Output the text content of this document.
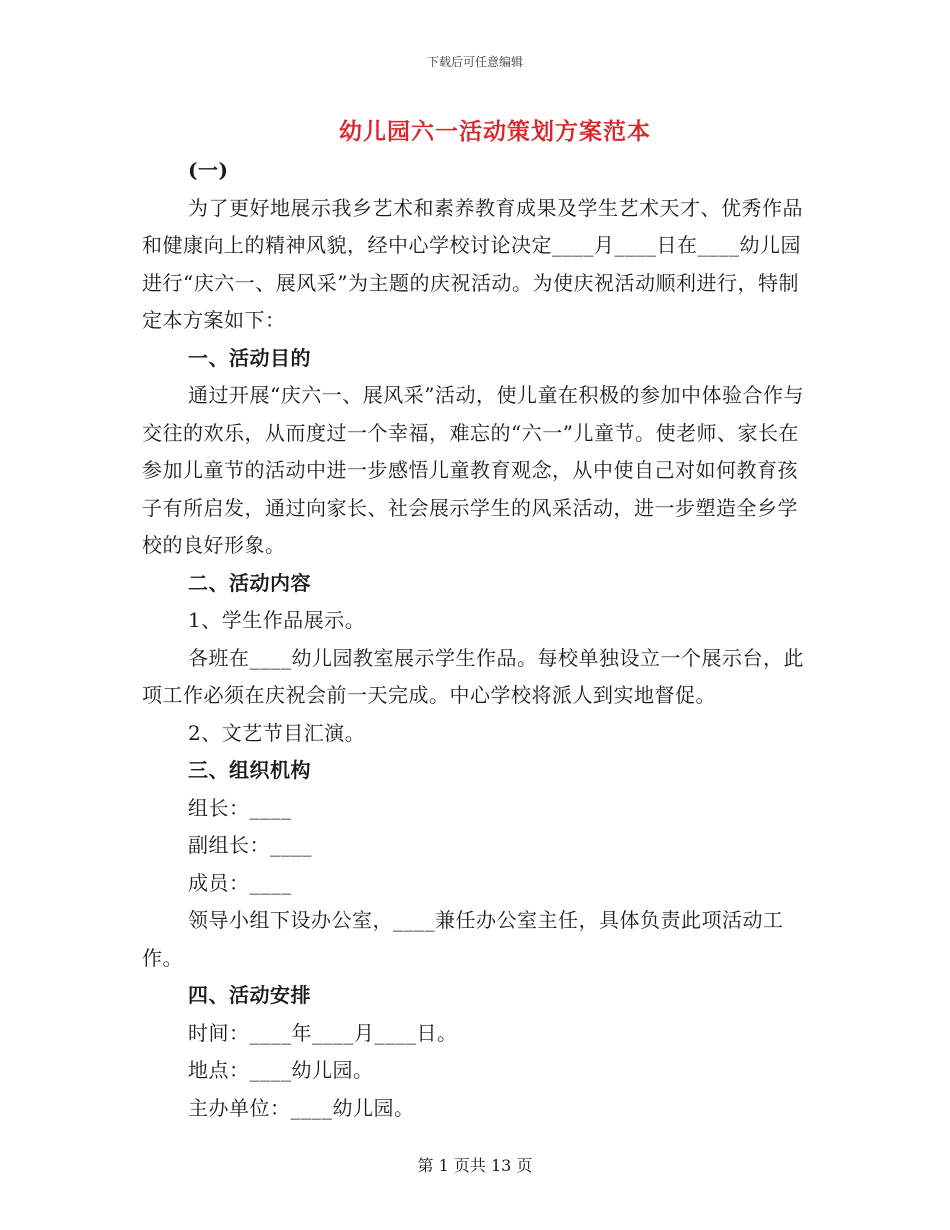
下载后可任意编辑
幼儿园六一活动策划方案范本

(一)

为了更好地展示我乡艺术和素养教育成果及学生艺术天才、优秀作品和健康向上的精神风貌，经中心学校讨论决定____月____日在____幼儿园进行“庆六一、展风采”为主题的庆祝活动。为使庆祝活动顺利进行，特制定本方案如下：

一、活动目的

通过开展“庆六一、展风采”活动，使儿童在积极的参加中体验合作与交往的欢乐，从而度过一个幸福，难忘的“六一”儿童节。使老师、家长在参加儿童节的活动中进一步感悟儿童教育观念，从中使自己对如何教育孩子有所启发，通过向家长、社会展示学生的风采活动，进一步塑造全乡学校的良好形象。

二、活动内容

1、学生作品展示。

各班在____幼儿园教室展示学生作品。每校单独设立一个展示台，此项工作必须在庆祝会前一天完成。中心学校将派人到实地督促。

2、文艺节目汇演。

三、组织机构

组长：____

副组长：____

成员：____

领导小组下设办公室，____兼任办公室主任，具体负责此项活动工作。

四、活动安排

时间：____年____月____日。

地点：____幼儿园。

主办单位：____幼儿园。

第 1 页共 13 页
